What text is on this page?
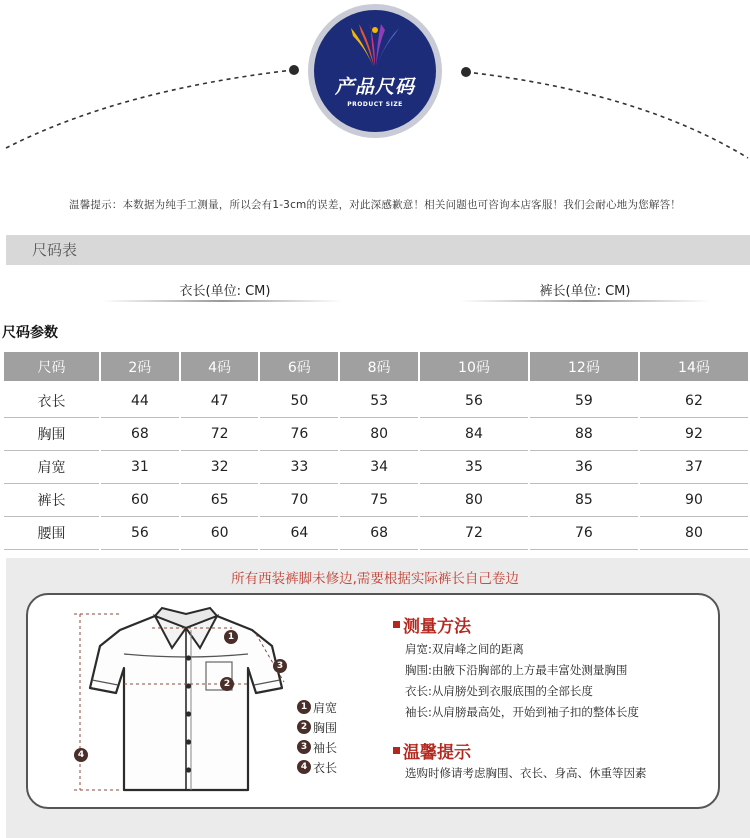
产品尺码
PRODUCT SIZE
温馨提示：本数据为纯手工测量，所以会有1-3cm的误差，对此深感歉意！相关问题也可咨询本店客服！我们会耐心地为您解答！
尺码表
衣长(单位: CM)	裤长(单位: CM)
尺码参数
尺码	2码	4码	6码	8码	10码	12码	14码
衣长	44	47	50	53	56	59	62
胸围	68	72	76	80	84	88	92
肩宽	31	32	33	34	35	36	37
裤长	60	65	70	75	80	85	90
腰围	56	60	64	68	72	76	80
所有西装裤脚未修边,需要根据实际裤长自己卷边
1
2
3
4
1 肩宽
2 胸围
3 袖长
4 衣长
测量方法
肩宽:双肩峰之间的距离
胸围:由腋下沿胸部的上方最丰富处测量胸围
衣长:从肩膀处到衣服底围的全部长度
袖长:从肩膀最高处，开始到袖子扣的整体长度
温馨提示
选购时修请考虑胸围、衣长、身高、休重等因素
